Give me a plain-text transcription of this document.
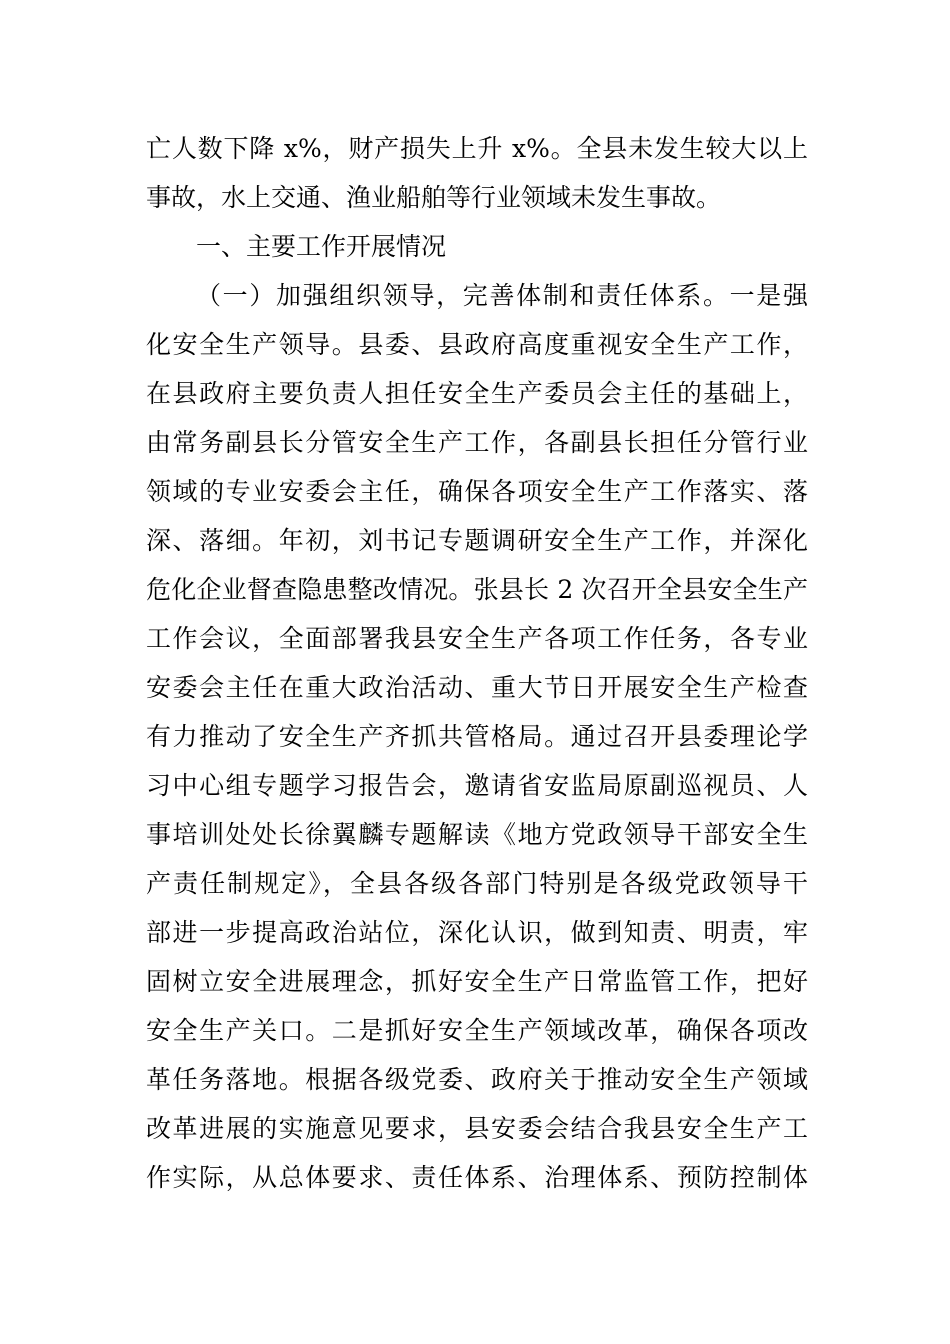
亡人数下降 x%，财产损失上升 x%。全县未发生较大以上
事故，水上交通、渔业船舶等行业领域未发生事故。
一、主要工作开展情况
（一）加强组织领导，完善体制和责任体系。一是强
化安全生产领导。县委、县政府高度重视安全生产工作，
在县政府主要负责人担任安全生产委员会主任的基础上，
由常务副县长分管安全生产工作，各副县长担任分管行业
领域的专业安委会主任，确保各项安全生产工作落实、落
深、落细。年初，刘书记专题调研安全生产工作，并深化
危化企业督查隐患整改情况。张县长 2 次召开全县安全生产
工作会议，全面部署我县安全生产各项工作任务，各专业
安委会主任在重大政治活动、重大节日开展安全生产检查
有力推动了安全生产齐抓共管格局。通过召开县委理论学
习中心组专题学习报告会，邀请省安监局原副巡视员、人
事培训处处长徐翼麟专题解读《地方党政领导干部安全生
产责任制规定》，全县各级各部门特别是各级党政领导干
部进一步提高政治站位，深化认识，做到知责、明责，牢
固树立安全进展理念，抓好安全生产日常监管工作，把好
安全生产关口。二是抓好安全生产领域改革，确保各项改
革任务落地。根据各级党委、政府关于推动安全生产领域
改革进展的实施意见要求，县安委会结合我县安全生产工
作实际，从总体要求、责任体系、治理体系、预防控制体
